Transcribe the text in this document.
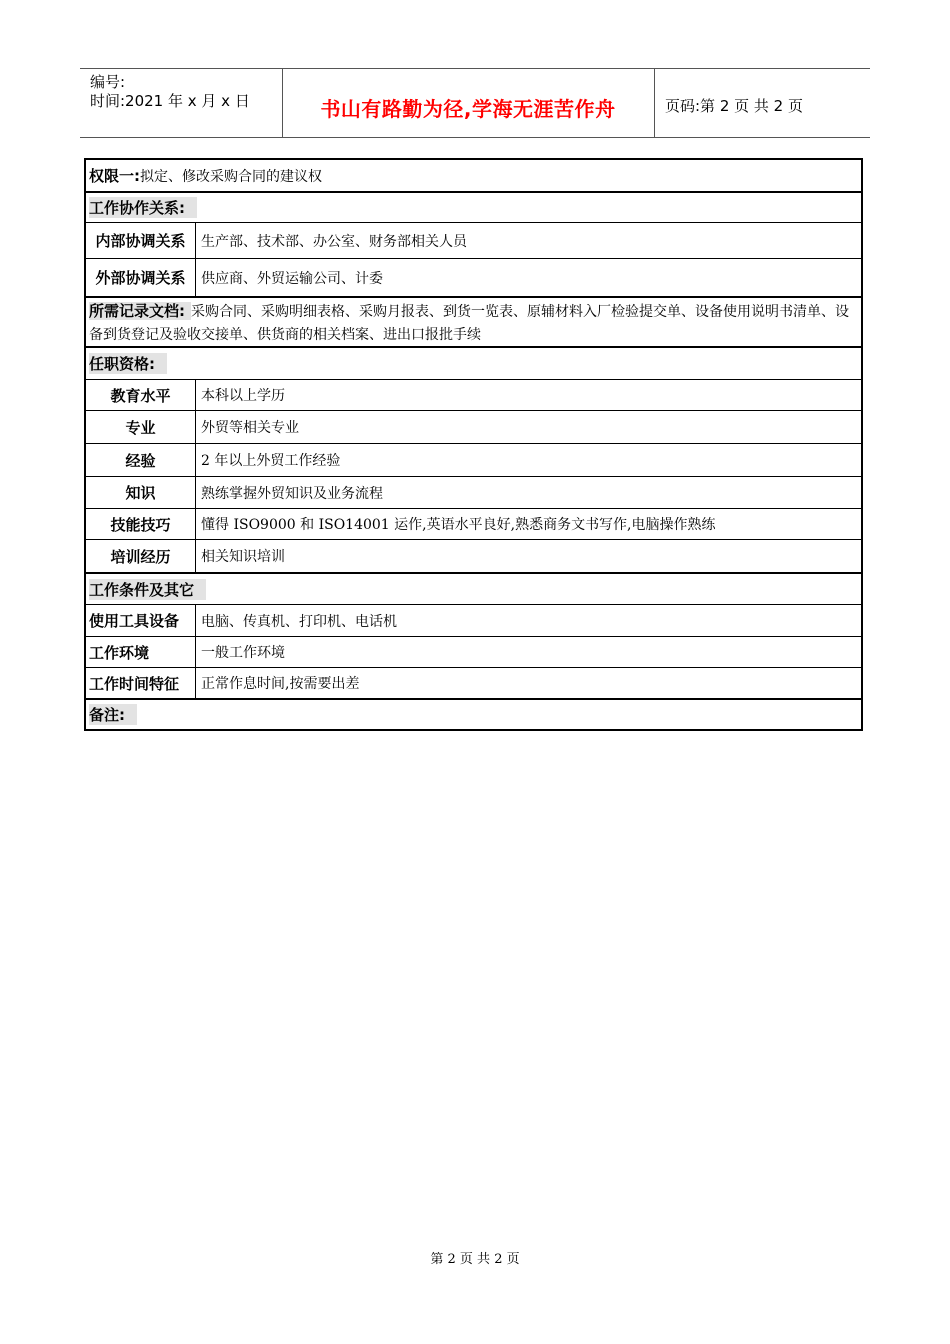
编号:
时间:2021 年 x 月 x 日	书山有路勤为径,学海无涯苦作舟	页码:第 2 页 共 2 页
权限一: 拟定、修改采购合同的建议权
工作协作关系:
内部协调关系	生产部、技术部、办公室、财务部相关人员
外部协调关系	供应商、外贸运输公司、计委
所需记录文档: 采购合同、采购明细表格、采购月报表、到货一览表、原辅材料入厂检验提交单、设备使用说明书清单、设备到货登记及验收交接单、供货商的相关档案、进出口报批手续
任职资格:
教育水平	本科以上学历
专业	外贸等相关专业
经验	2 年以上外贸工作经验
知识	熟练掌握外贸知识及业务流程
技能技巧	懂得 ISO9000 和 ISO14001 运作,英语水平良好,熟悉商务文书写作,电脑操作熟练
培训经历	相关知识培训
工作条件及其它
使用工具设备	电脑、传真机、打印机、电话机
工作环境	一般工作环境
工作时间特征	正常作息时间,按需要出差
备注:
第 2 页 共 2 页
